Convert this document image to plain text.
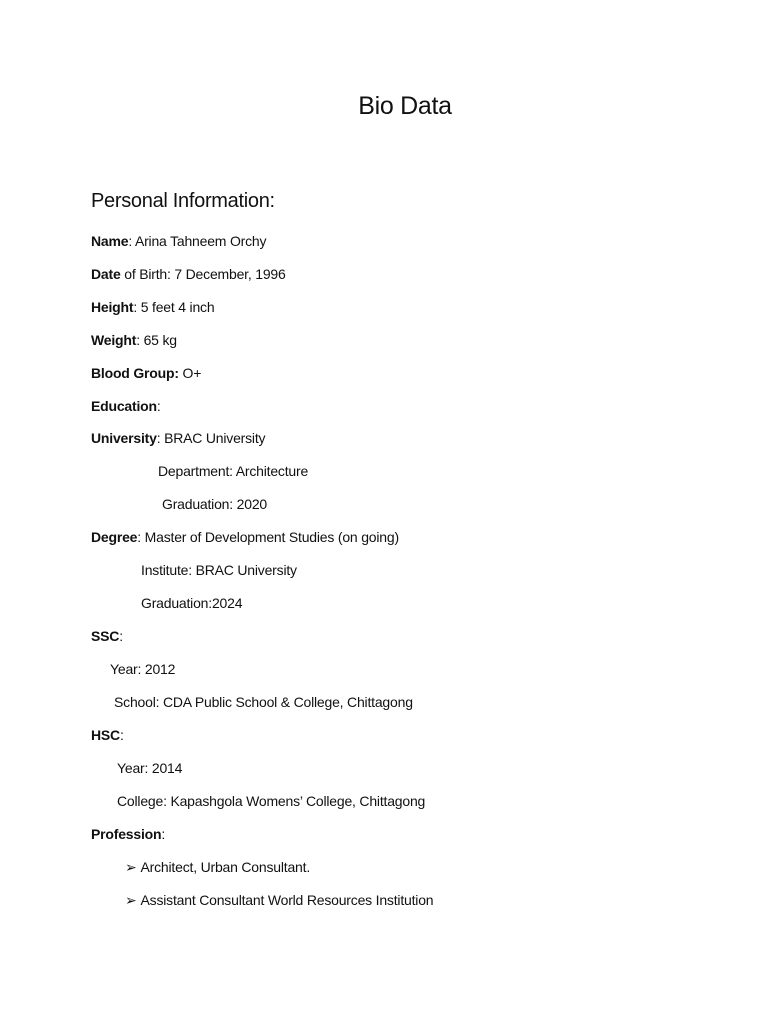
Bio Data
Personal Information:
Name: Arina Tahneem Orchy
Date of Birth: 7 December, 1996
Height: 5 feet 4 inch
Weight: 65 kg
Blood Group: O+
Education:
University: BRAC University
Department: Architecture
Graduation: 2020
Degree: Master of Development Studies (on going)
Institute: BRAC University
Graduation:2024
SSC:
Year: 2012
School: CDA Public School & College, Chittagong
HSC:
Year: 2014
College: Kapashgola Womens’ College, Chittagong
Profession:
➢ Architect, Urban Consultant.
➢ Assistant Consultant World Resources Institution
